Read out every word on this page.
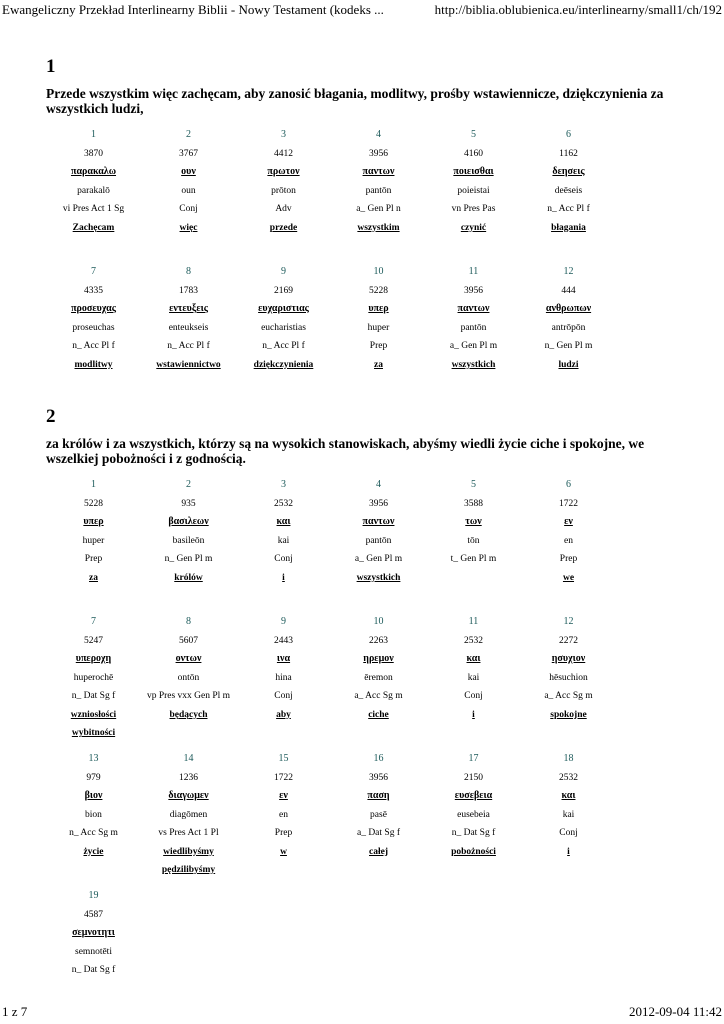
Ewangeliczny Przekład Interlinearny Biblii - Nowy Testament (kodeks ...	http://biblia.oblubienica.eu/interlinearny/small1/ch/192
1
Przede wszystkim więc zachęcam, aby zanosić błagania, modlitwy, prośby wstawiennicze, dziękczynienia za wszystkich ludzi,
1
3870
παρακαλω
parakalō
vi Pres Act 1 Sg
Zachęcam
2
3767
ουν
oun
Conj
więc
3
4412
πρωτον
prōton
Adv
przede
4
3956
παντων
pantōn
a_ Gen Pl n
wszystkim
5
4160
ποιεισθαι
poieistai
vn Pres Pas
czynić
6
1162
δεησεις
deēseis
n_ Acc Pl f
błagania
7
4335
προσευχας
proseuchas
n_ Acc Pl f
modlitwy
8
1783
εντευξεις
enteukseis
n_ Acc Pl f
wstawiennictwo
9
2169
ευχαριστιας
eucharistias
n_ Acc Pl f
dziękczynienia
10
5228
υπερ
huper
Prep
za
11
3956
παντων
pantōn
a_ Gen Pl m
wszystkich
12
444
ανθρωπων
antrōpōn
n_ Gen Pl m
ludzi
2
za królów i za wszystkich, którzy są na wysokich stanowiskach, abyśmy wiedli życie ciche i spokojne, we wszelkiej pobożności i z godnością.
1
5228
υπερ
huper
Prep
za
2
935
βασιλεων
basileōn
n_ Gen Pl m
królów
3
2532
και
kai
Conj
i
4
3956
παντων
pantōn
a_ Gen Pl m
wszystkich
5
3588
των
tōn
t_ Gen Pl m
6
1722
εν
en
Prep
we
7
5247
υπεροχη
huperochē
n_ Dat Sg f
wzniosłości
wybitności
8
5607
οντων
ontōn
vp Pres vxx Gen Pl m
będących
9
2443
ινα
hina
Conj
aby
10
2263
ηρεμον
ēremon
a_ Acc Sg m
ciche
11
2532
και
kai
Conj
i
12
2272
ησυχιον
hēsuchion
a_ Acc Sg m
spokojne
13
979
βιον
bion
n_ Acc Sg m
życie
14
1236
διαγωμεν
diagōmen
vs Pres Act 1 Pl
wiedlibyśmy
pędzilibyśmy
15
1722
εν
en
Prep
w
16
3956
παση
pasē
a_ Dat Sg f
całej
17
2150
ευσεβεια
eusebeia
n_ Dat Sg f
pobożności
18
2532
και
kai
Conj
i
19
4587
σεμνοτητι
semnotēti
n_ Dat Sg f
1 z 7	2012-09-04 11:42
